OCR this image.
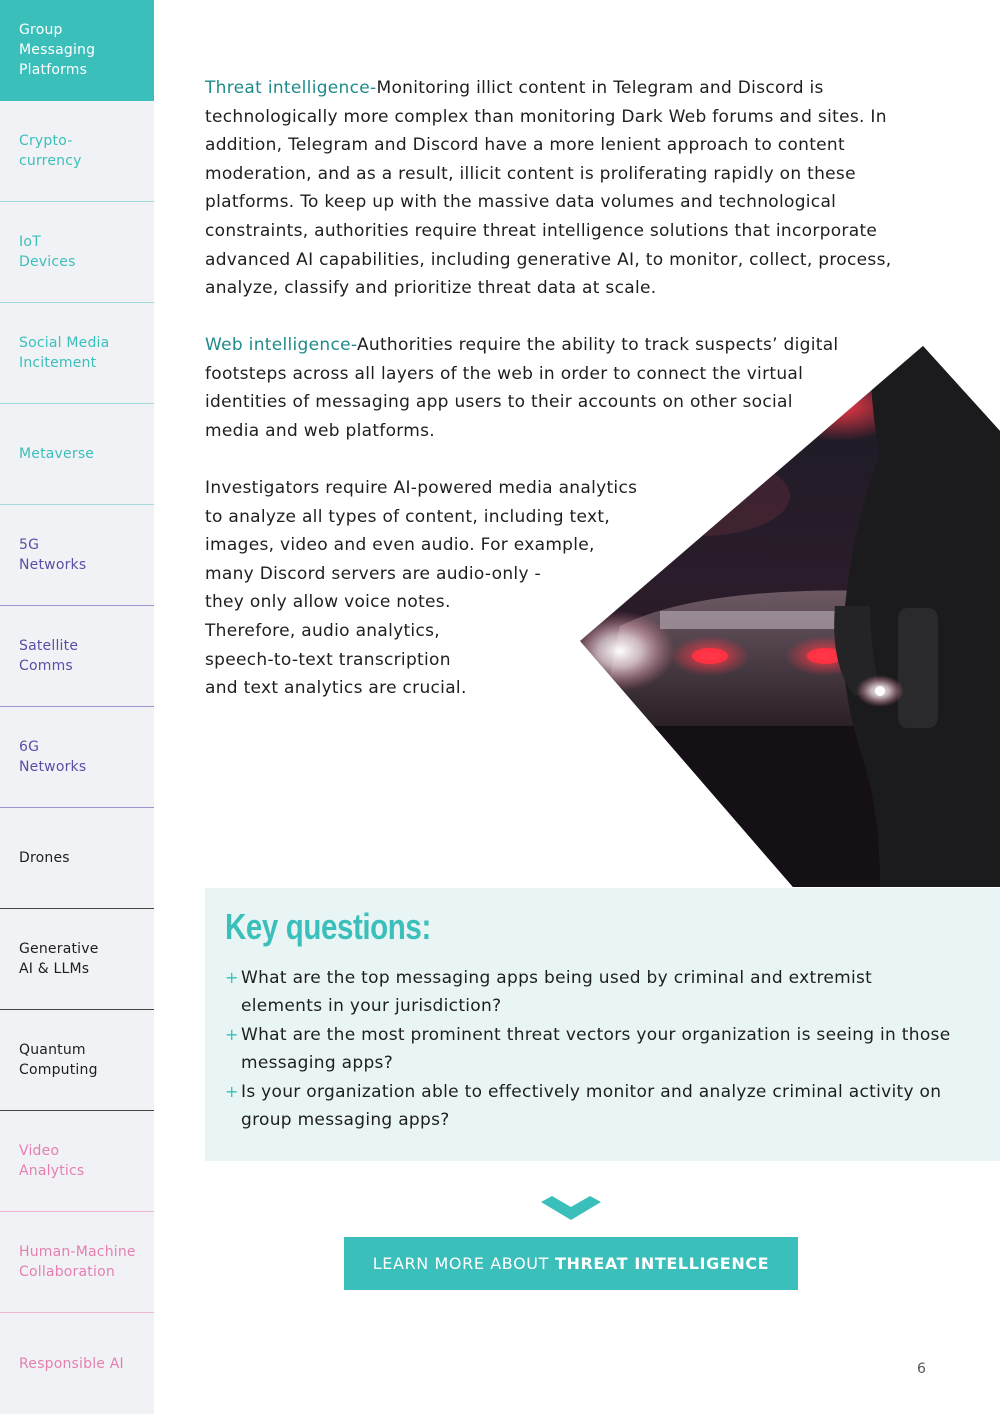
Group Messaging Platforms
Crypto-currency
IoT Devices
Social Media Incitement
Metaverse
5G Networks
Satellite Comms
6G Networks
Drones
Generative AI & LLMs
Quantum Computing
Video Analytics
Human-Machine Collaboration
Responsible AI
Threat intelligence-Monitoring illict content in Telegram and Discord is technologically more complex than monitoring Dark Web forums and sites. In addition, Telegram and Discord have a more lenient approach to content moderation, and as a result, illicit content is proliferating rapidly on these platforms. To keep up with the massive data volumes and technological constraints, authorities require threat intelligence solutions that incorporate advanced AI capabilities, including generative AI, to monitor, collect, process, analyze, classify and prioritize threat data at scale.
Web intelligence-Authorities require the ability to track suspects’ digital
footsteps across all layers of the web in order to connect the virtual
identities of messaging app users to their accounts on other social
media and web platforms.
Investigators require AI-powered media analytics
to analyze all types of content, including text,
images, video and even audio. For example,
many Discord servers are audio-only -
they only allow voice notes.
Therefore, audio analytics,
speech-to-text transcription
and text analytics are crucial.
Key questions:
+ What are the top messaging apps being used by criminal and extremist elements in your jurisdiction?
+ What are the most prominent threat vectors your organization is seeing in those messaging apps?
+ Is your organization able to effectively monitor and analyze criminal activity on group messaging apps?
LEARN MORE ABOUT THREAT INTELLIGENCE
6
